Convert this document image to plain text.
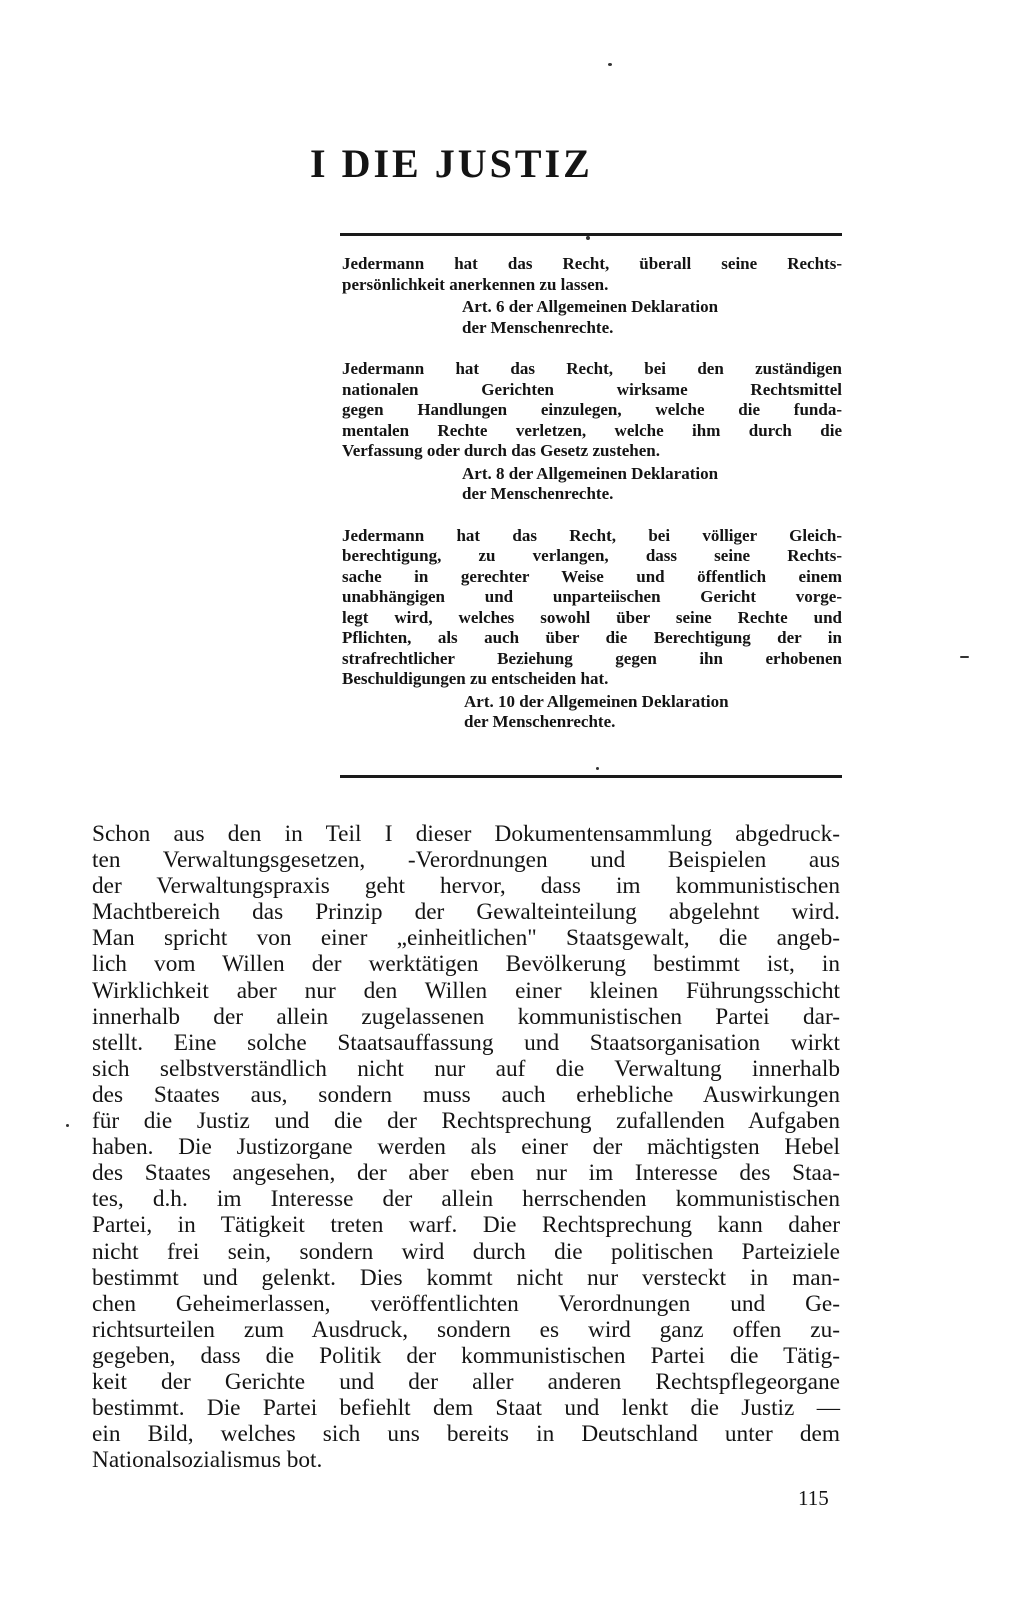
I DIE JUSTIZ

Jedermann hat das Recht, überall seine Rechts-
persönlichkeit anerkennen zu lassen.

Art. 6 der Allgemeinen Deklaration
der Menschenrechte.

Jedermann hat das Recht, bei den zuständigen
nationalen Gerichten wirksame Rechtsmittel
gegen Handlungen einzulegen, welche die funda-
mentalen Rechte verletzen, welche ihm durch die
Verfassung oder durch das Gesetz zustehen.

Art. 8 der Allgemeinen Deklaration
der Menschenrechte.

Jedermann hat das Recht, bei völliger Gleich-
berechtigung, zu verlangen, dass seine Rechts-
sache in gerechter Weise und öffentlich einem
unabhängigen und unparteiischen Gericht vorge-
legt wird, welches sowohl über seine Rechte und
Pflichten, als auch über die Berechtigung der in
strafrechtlicher Beziehung gegen ihn erhobenen
Beschuldigungen zu entscheiden hat.

Art. 10 der Allgemeinen Deklaration
der Menschenrechte.

Schon aus den in Teil I dieser Dokumentensammlung abgedruck-
ten Verwaltungsgesetzen, -Verordnungen und Beispielen aus
der Verwaltungspraxis geht hervor, dass im kommunistischen
Machtbereich das Prinzip der Gewalteinteilung abgelehnt wird.
Man spricht von einer „einheitlichen" Staatsgewalt, die angeb-
lich vom Willen der werktätigen Bevölkerung bestimmt ist, in
Wirklichkeit aber nur den Willen einer kleinen Führungsschicht
innerhalb der allein zugelassenen kommunistischen Partei dar-
stellt. Eine solche Staatsauffassung und Staatsorganisation wirkt
sich selbstverständlich nicht nur auf die Verwaltung innerhalb
des Staates aus, sondern muss auch erhebliche Auswirkungen
für die Justiz und die der Rechtsprechung zufallenden Aufgaben
haben. Die Justizorgane werden als einer der mächtigsten Hebel
des Staates angesehen, der aber eben nur im Interesse des Staa-
tes, d.h. im Interesse der allein herrschenden kommunistischen
Partei, in Tätigkeit treten warf. Die Rechtsprechung kann daher
nicht frei sein, sondern wird durch die politischen Parteiziele
bestimmt und gelenkt. Dies kommt nicht nur versteckt in man-
chen Geheimerlassen, veröffentlichten Verordnungen und Ge-
richtsurteilen zum Ausdruck, sondern es wird ganz offen zu-
gegeben, dass die Politik der kommunistischen Partei die Tätig-
keit der Gerichte und der aller anderen Rechtspflegeorgane
bestimmt. Die Partei befiehlt dem Staat und lenkt die Justiz —
ein Bild, welches sich uns bereits in Deutschland unter dem
Nationalsozialismus bot.

115
